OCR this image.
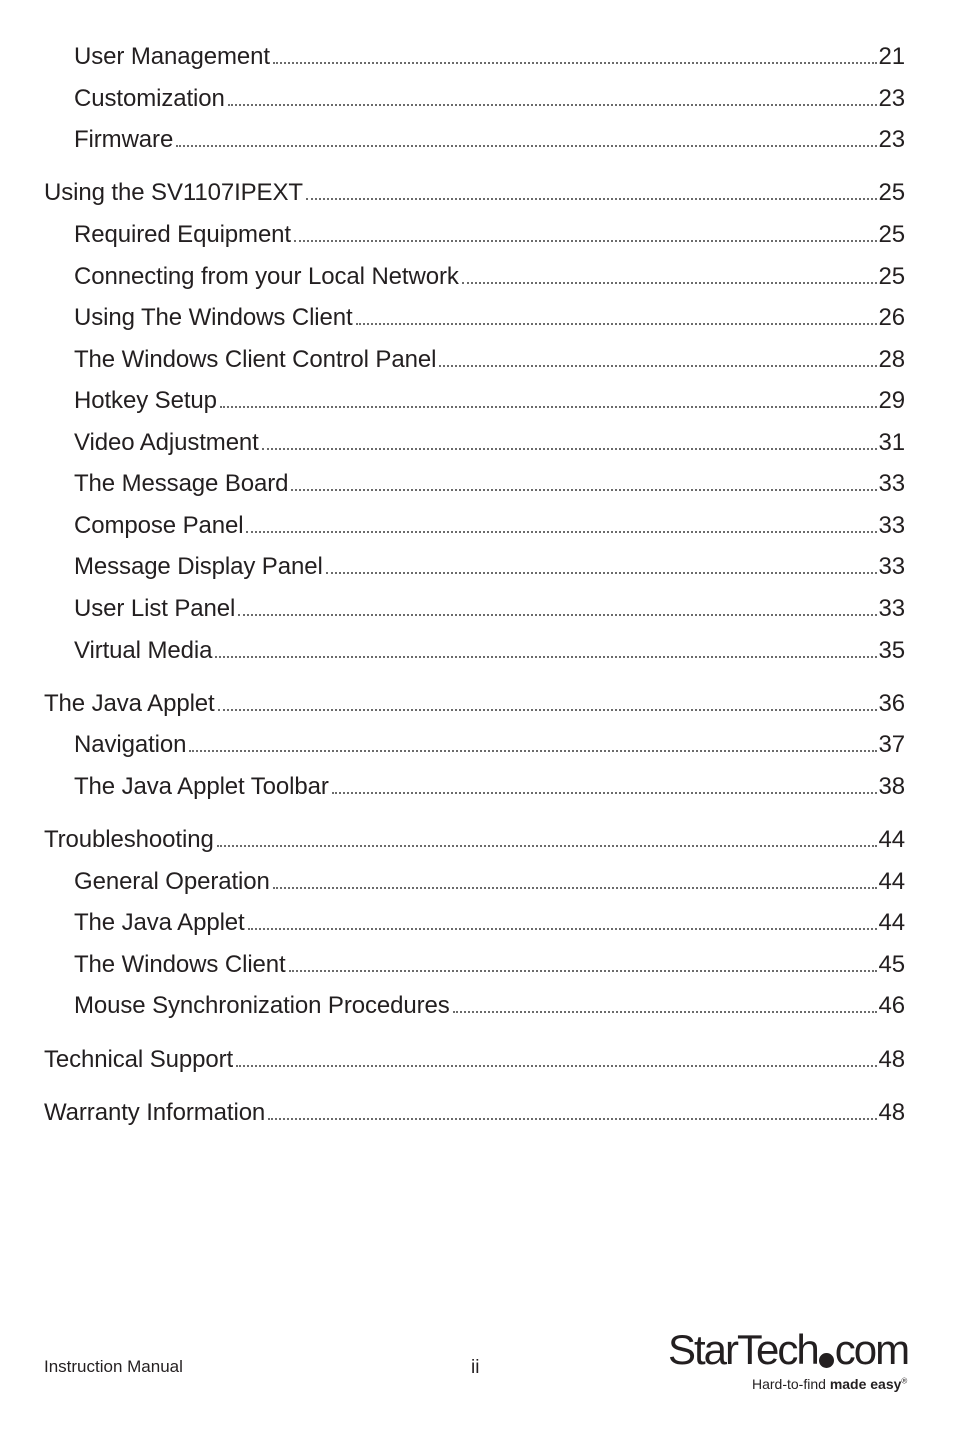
User Management	21
Customization	23
Firmware	23
Using the SV1107IPEXT	25
Required Equipment	25
Connecting from your Local Network	25
Using The Windows Client	26
The Windows Client Control Panel	28
Hotkey Setup	29
Video Adjustment	31
The Message Board	33
Compose Panel	33
Message Display Panel	33
User List Panel	33
Virtual Media	35
The Java Applet	36
Navigation	37
The Java Applet Toolbar	38
Troubleshooting	44
General Operation	44
The Java Applet	44
The Windows Client	45
Mouse Synchronization Procedures	46
Technical Support	48
Warranty Information	48
Instruction Manual	ii	StarTech com
Hard-to-find made easy®
